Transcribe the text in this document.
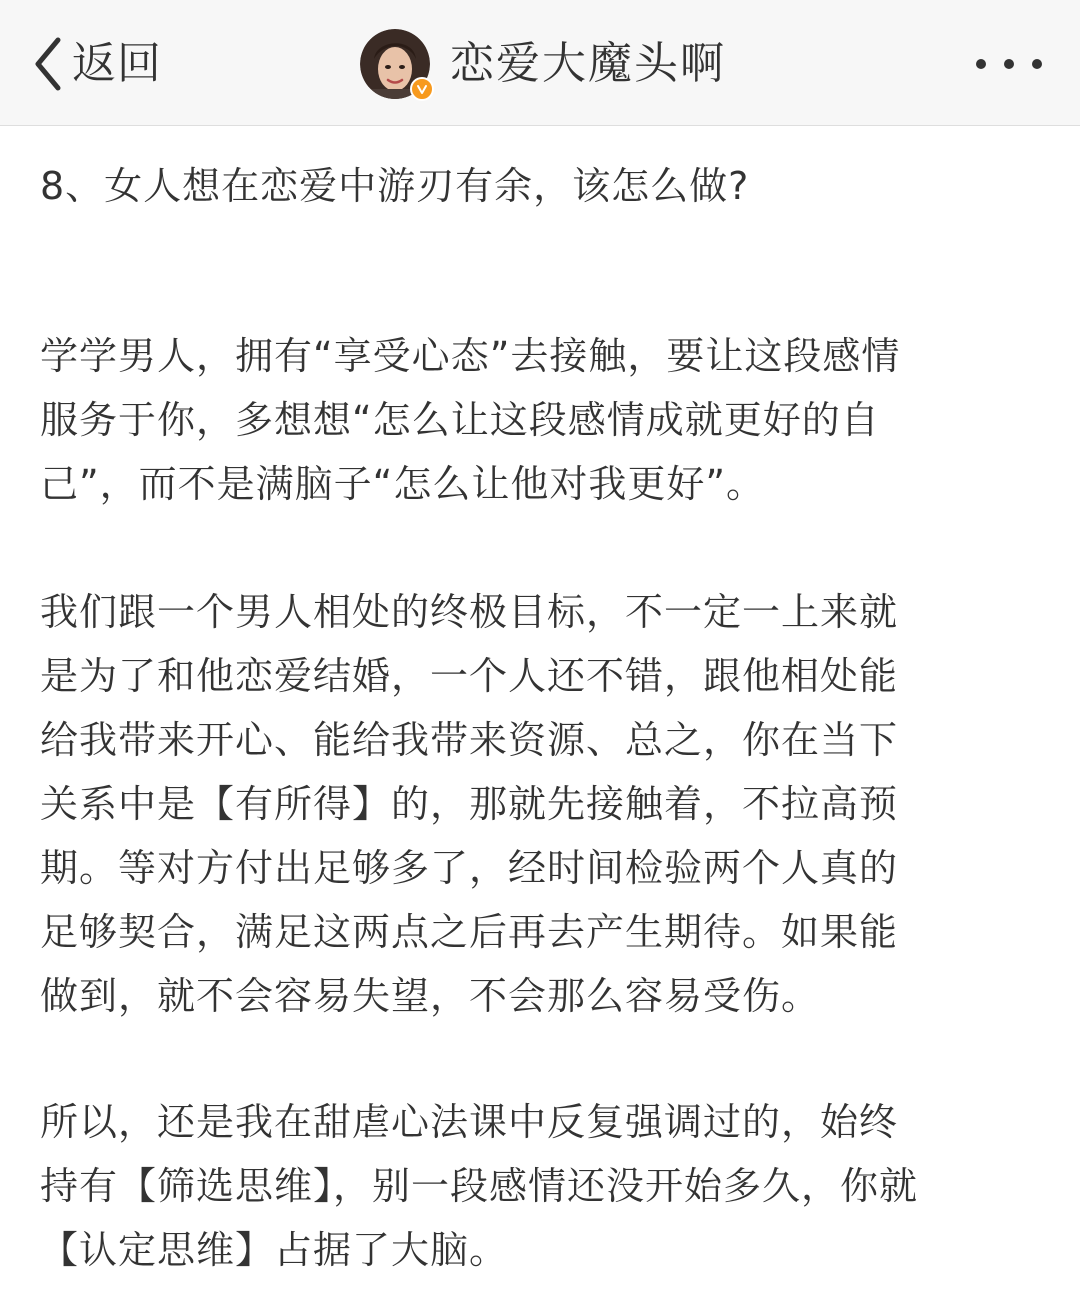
返回	恋爱大魔头啊
8、女人想在恋爱中游刃有余，该怎么做?

学学男人，拥有“享受心态”去接触，要让这段感情
服务于你，多想想“怎么让这段感情成就更好的自
己”，而不是满脑子“怎么让他对我更好”。

我们跟一个男人相处的终极目标，不一定一上来就
是为了和他恋爱结婚，一个人还不错，跟他相处能
给我带来开心、能给我带来资源、总之，你在当下
关系中是【有所得】的，那就先接触着，不拉高预
期。等对方付出足够多了，经时间检验两个人真的
足够契合，满足这两点之后再去产生期待。如果能
做到，就不会容易失望，不会那么容易受伤。

所以，还是我在甜虐心法课中反复强调过的，始终
持有【筛选思维】，别一段感情还没开始多久，你就
【认定思维】占据了大脑。
